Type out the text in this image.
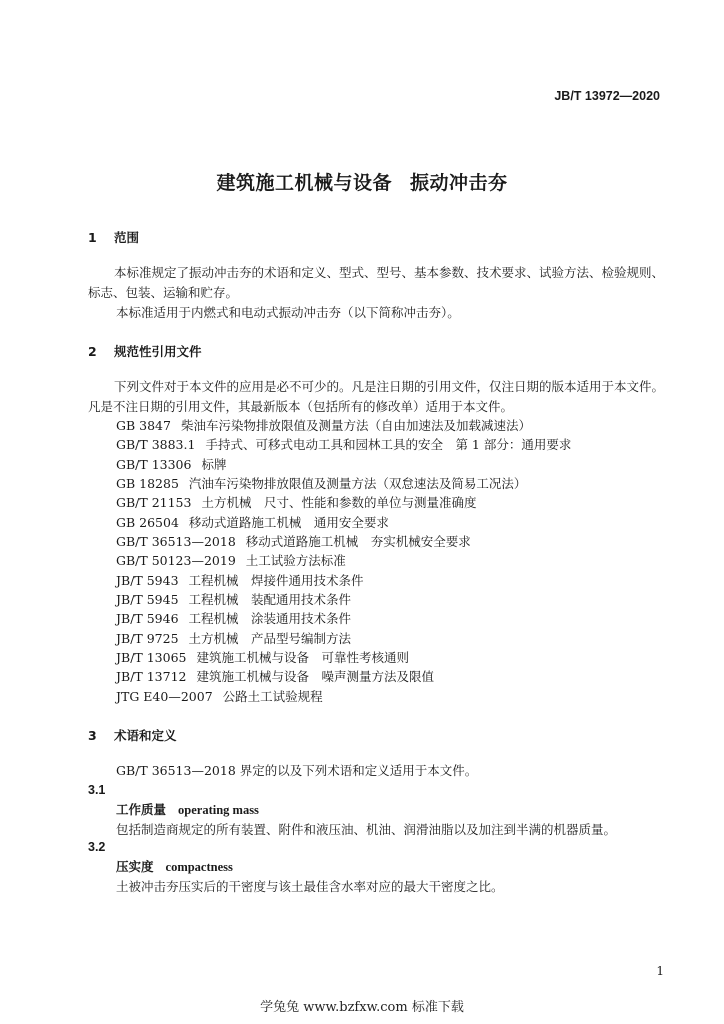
JB/T 13972—2020
建筑施工机械与设备 振动冲击夯
1 范围
本标准规定了振动冲击夯的术语和定义、型式、型号、基本参数、技术要求、试验方法、检验规则、标志、包装、运输和贮存。
本标准适用于内燃式和电动式振动冲击夯（以下简称冲击夯）。
2 规范性引用文件
下列文件对于本文件的应用是必不可少的。凡是注日期的引用文件，仅注日期的版本适用于本文件。凡是不注日期的引用文件，其最新版本（包括所有的修改单）适用于本文件。
GB 3847 柴油车污染物排放限值及测量方法（自由加速法及加载减速法）
GB/T 3883.1 手持式、可移式电动工具和园林工具的安全　第 1 部分：通用要求
GB/T 13306 标牌
GB 18285 汽油车污染物排放限值及测量方法（双怠速法及简易工况法）
GB/T 21153 土方机械　尺寸、性能和参数的单位与测量准确度
GB 26504 移动式道路施工机械　通用安全要求
GB/T 36513—2018 移动式道路施工机械　夯实机械安全要求
GB/T 50123—2019 土工试验方法标准
JB/T 5943 工程机械　焊接件通用技术条件
JB/T 5945 工程机械　装配通用技术条件
JB/T 5946 工程机械　涂装通用技术条件
JB/T 9725 土方机械　产品型号编制方法
JB/T 13065 建筑施工机械与设备　可靠性考核通则
JB/T 13712 建筑施工机械与设备　噪声测量方法及限值
JTG E40—2007 公路土工试验规程
3 术语和定义
GB/T 36513—2018 界定的以及下列术语和定义适用于本文件。
3.1
工作质量 operating mass
包括制造商规定的所有装置、附件和液压油、机油、润滑油脂以及加注到半满的机器质量。
3.2
压实度 compactness
土被冲击夯压实后的干密度与该土最佳含水率对应的最大干密度之比。
1
学兔兔 www.bzfxw.com 标准下载
